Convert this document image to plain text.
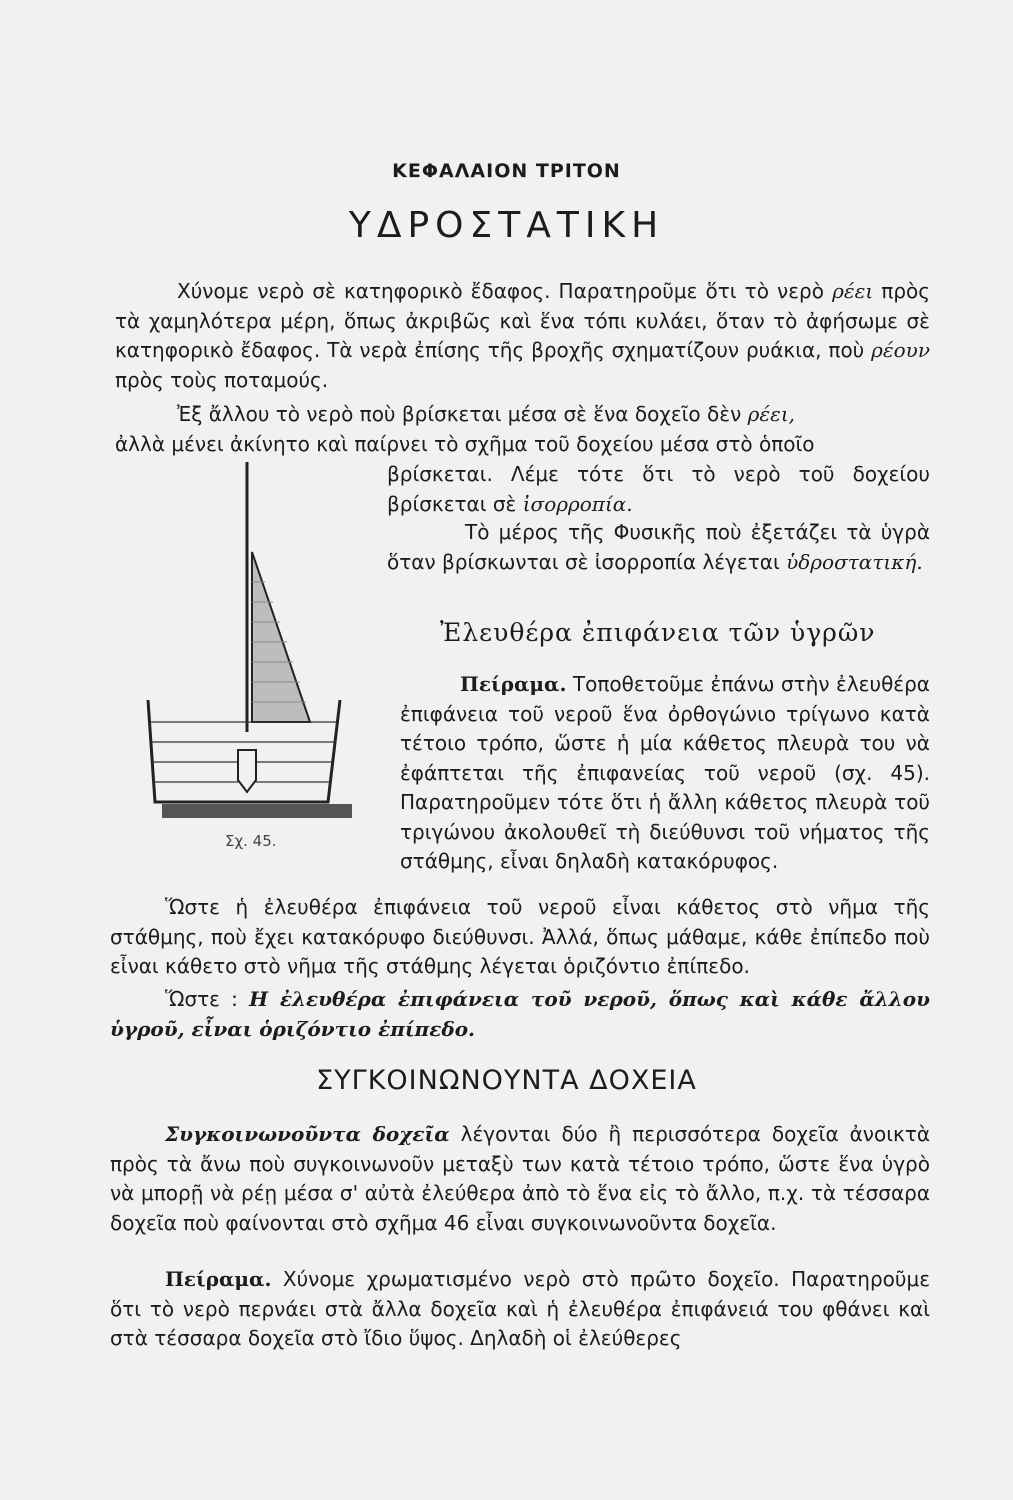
ΚΕΦΑΛΑΙΟΝ ΤΡΙΤΟΝ
ΥΔΡΟΣΤΑΤΙΚΗ

Χύνομε νερὸ σὲ κατηφορικὸ ἔδαφος. Παρατηροῦμε ὅτι τὸ νερὸ ρέει πρὸς τὰ χαμηλότερα μέρη, ὅπως ἀκριβῶς καὶ ἕνα τόπι κυλάει, ὅταν τὸ ἀφήσωμε σὲ κατηφορικὸ ἔδαφος. Τὰ νερὰ ἐπίσης τῆς βροχῆς σχηματίζουν ρυάκια, ποὺ ρέουν πρὸς τοὺς ποταμούς.

Ἐξ ἄλλου τὸ νερὸ ποὺ βρίσκεται μέσα σὲ ἕνα δοχεῖο δὲν ρέει,
ἀλλὰ μένει ἀκίνητο καὶ παίρνει τὸ σχῆμα τοῦ δοχείου μέσα στὸ ὁποῖο

βρίσκεται. Λέμε τότε ὅτι τὸ νερὸ τοῦ δοχείου βρίσκεται σὲ ἰσορροπία.

Τὸ μέρος τῆς Φυσικῆς ποὺ ἐξετάζει τὰ ὑγρὰ ὅταν βρίσκωνται σὲ ἰσορροπία λέγεται ὑδροστατική.

Ἐλευθέρα ἐπιφάνεια τῶν ὑγρῶν

Πείραμα. Τοποθετοῦμε ἐπάνω στὴν ἐλευθέρα ἐπιφάνεια τοῦ νεροῦ ἕνα ὀρθογώνιο τρίγωνο κατὰ τέτοιο τρόπο, ὥστε ἡ μία κάθετος πλευρὰ του νὰ ἐφάπτεται τῆς ἐπιφανείας τοῦ νεροῦ (σχ. 45). Παρατηροῦμεν τότε ὅτι ἡ ἄλλη κάθετος πλευρὰ τοῦ τριγώνου ἀκολουθεῖ τὴ διεύθυνσι τοῦ νήματος τῆς στάθμης, εἶναι δηλαδὴ κατακόρυφος.

Σχ. 45.

Ὥστε ἡ ἐλευθέρα ἐπιφάνεια τοῦ νεροῦ εἶναι κάθετος στὸ νῆμα τῆς στάθμης, ποὺ ἔχει κατακόρυφο διεύθυνσι. Ἀλλά, ὅπως μάθαμε, κάθε ἐπίπεδο ποὺ εἶναι κάθετο στὸ νῆμα τῆς στάθμης λέγεται ὁριζόντιο ἐπίπεδο.

Ὥστε : Η ἐλευθέρα ἐπιφάνεια τοῦ νεροῦ, ὅπως καὶ κάθε ἄλλου ὑγροῦ, εἶναι ὁριζόντιο ἐπίπεδο.

ΣΥΓΚΟΙΝΩΝΟΥΝΤΑ ΔΟΧΕΙΑ

Συγκοινωνοῦντα δοχεῖα λέγονται δύο ἢ περισσότερα δοχεῖα ἀνοικτὰ πρὸς τὰ ἄνω ποὺ συγκοινωνοῦν μεταξὺ των κατὰ τέτοιο τρόπο, ὥστε ἕνα ὑγρὸ νὰ μπορῇ νὰ ρέῃ μέσα σ' αὐτὰ ἐλεύθερα ἀπὸ τὸ ἕνα εἰς τὸ ἄλλο, π.χ. τὰ τέσσαρα δοχεῖα ποὺ φαίνονται στὸ σχῆμα 46 εἶναι συγκοινωνοῦντα δοχεῖα.

Πείραμα. Χύνομε χρωματισμένο νερὸ στὸ πρῶτο δοχεῖο. Παρατηροῦμε ὅτι τὸ νερὸ περνάει στὰ ἄλλα δοχεῖα καὶ ἡ ἐλευθέρα ἐπιφάνειά του φθάνει καὶ στὰ τέσσαρα δοχεῖα στὸ ἴδιο ὕψος. Δηλαδὴ οἱ ἐλεύθερες
